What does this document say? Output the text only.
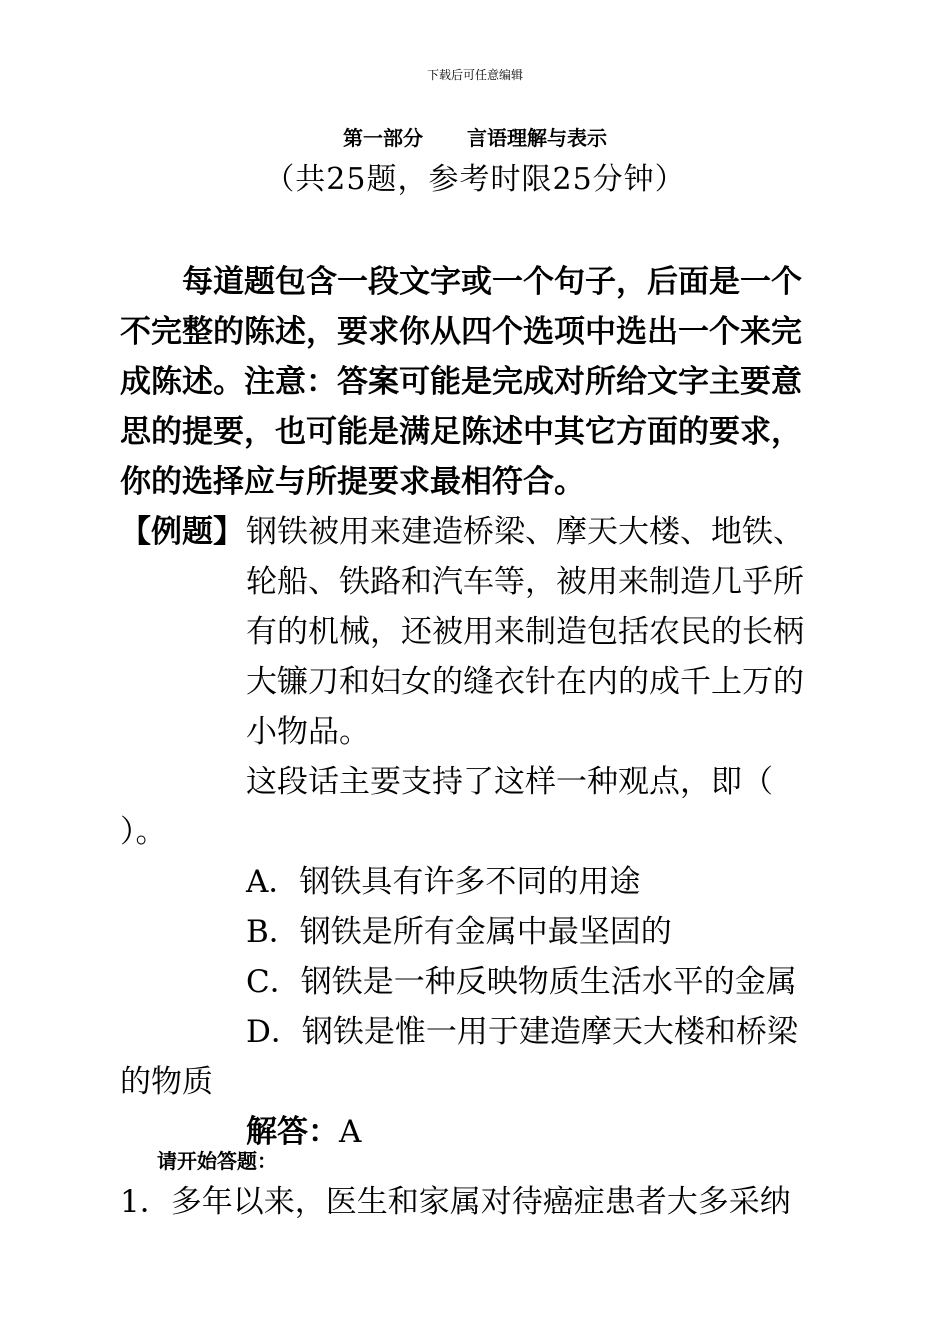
下载后可任意编辑
第一部分 言语理解与表示
（共25题，参考时限25分钟）
每道题包含一段文字或一个句子，后面是一个
不完整的陈述，要求你从四个选项中选出一个来完
成陈述。注意：答案可能是完成对所给文字主要意
思的提要，也可能是满足陈述中其它方面的要求，
你的选择应与所提要求最相符合。
【例题】 钢铁被用来建造桥梁、摩天大楼、地铁、
轮船、铁路和汽车等，被用来制造几乎所
有的机械，还被用来制造包括农民的长柄
大镰刀和妇女的缝衣针在内的成千上万的
小物品。
这段话主要支持了这样一种观点，即（
）。
A．钢铁具有许多不同的用途
B．钢铁是所有金属中最坚固的
C．钢铁是一种反映物质生活水平的金属
D．钢铁是惟一用于建造摩天大楼和桥梁
的物质
解答：A
请开始答题：
1．多年以来，医生和家属对待癌症患者大多采纳
